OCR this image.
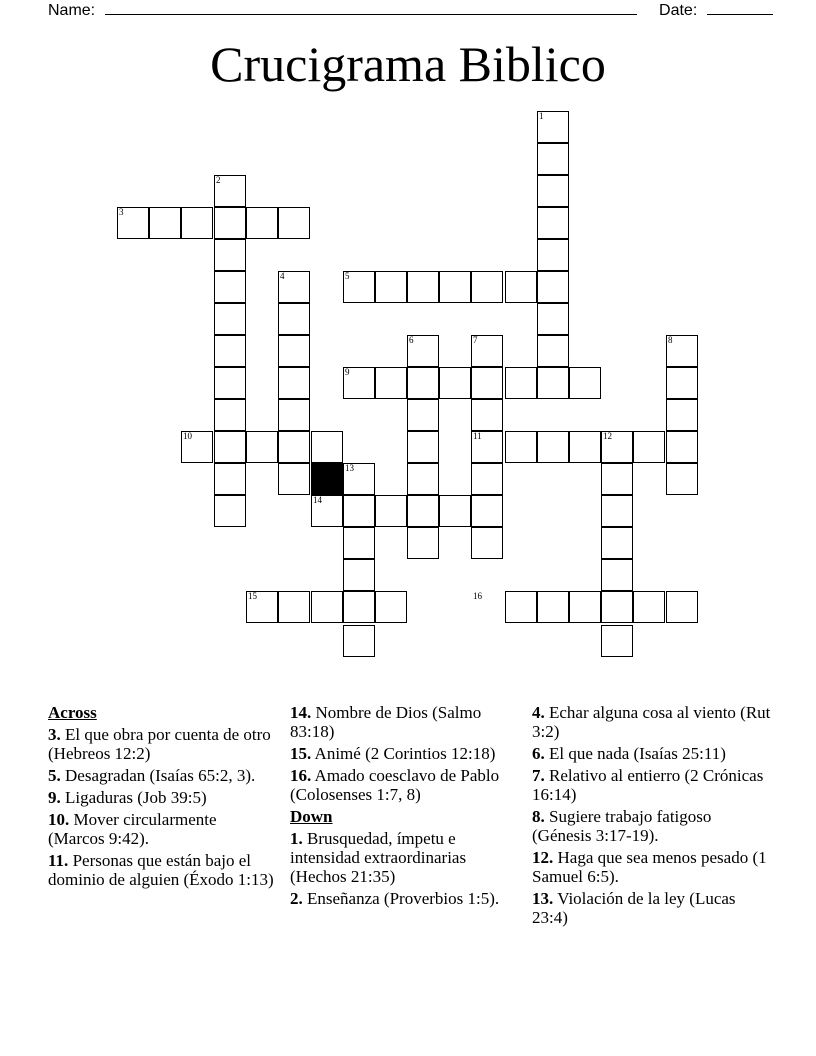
Name:	Date:
Crucigrama Biblico
1
2
3
4	5
6	7	8
9
10	11	12
13
14
15	16
Across
3. El que obra por cuenta de otro (Hebreos 12:2)
5. Desagradan (Isaías 65:2, 3).
9. Ligaduras (Job 39:5)
10. Mover circularmente (Marcos 9:42).
11. Personas que están bajo el dominio de alguien (Éxodo 1:13)
14. Nombre de Dios (Salmo 83:18)
15. Animé (2 Corintios 12:18)
16. Amado coesclavo de Pablo (Colosenses 1:7, 8)
Down
1. Brusquedad, ímpetu e intensidad extraordinarias (Hechos 21:35)
2. Enseñanza (Proverbios 1:5).
4. Echar alguna cosa al viento (Rut 3:2)
6. El que nada (Isaías 25:11)
7. Relativo al entierro (2 Crónicas 16:14)
8. Sugiere trabajo fatigoso (Génesis 3:17-19).
12. Haga que sea menos pesado (1 Samuel 6:5).
13. Violación de la ley (Lucas 23:4)
